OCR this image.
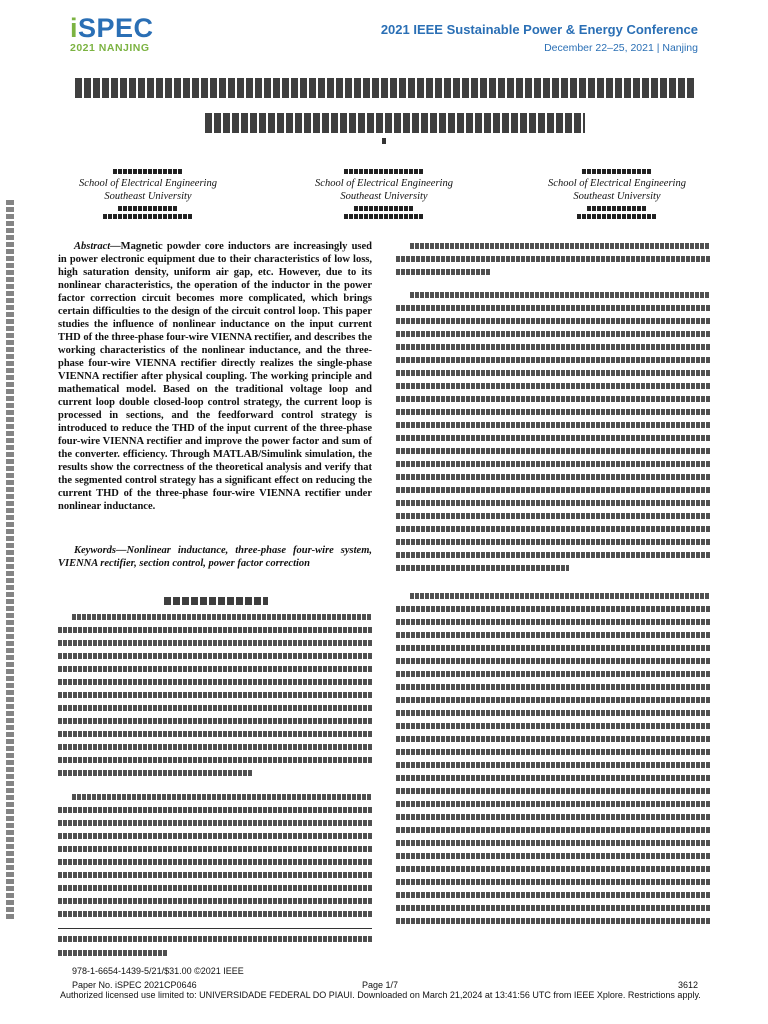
iSPEC
2021 NANJING
2021 IEEE Sustainable Power & Energy Conference
December 22–25, 2021 | Nanjing
School of Electrical Engineering
Southeast University
School of Electrical Engineering
Southeast University
School of Electrical Engineering
Southeast University
Abstract—Magnetic powder core inductors are increasingly used in power electronic equipment due to their characteristics of low loss, high saturation density, uniform air gap, etc. However, due to its nonlinear characteristics, the operation of the inductor in the power factor correction circuit becomes more complicated, which brings certain difficulties to the design of the circuit control loop. This paper studies the influence of nonlinear inductance on the input current THD of the three-phase four-wire VIENNA rectifier, and describes the working characteristics of the nonlinear inductance, and the three-phase four-wire VIENNA rectifier directly realizes the single-phase VIENNA rectifier after physical coupling. The working principle and mathematical model. Based on the traditional voltage loop and current loop double closed-loop control strategy, the current loop is processed in sections, and the feedforward control strategy is introduced to reduce the THD of the input current of the three-phase four-wire VIENNA rectifier and improve the power factor and sum of the converter. efficiency. Through MATLAB/Simulink simulation, the results show the correctness of the theoretical analysis and verify that the segmented control strategy has a significant effect on reducing the current THD of the three-phase four-wire VIENNA rectifier under nonlinear inductance.
Keywords—Nonlinear inductance, three-phase four-wire system, VIENNA rectifier, section control, power factor correction
978-1-6654-1439-5/21/$31.00 ©2021 IEEE
Paper No. iSPEC 2021CP0646	Page 1/7	3612
Authorized licensed use limited to: UNIVERSIDADE FEDERAL DO PIAUI. Downloaded on March 21,2024 at 13:41:56 UTC from IEEE Xplore. Restrictions apply.
